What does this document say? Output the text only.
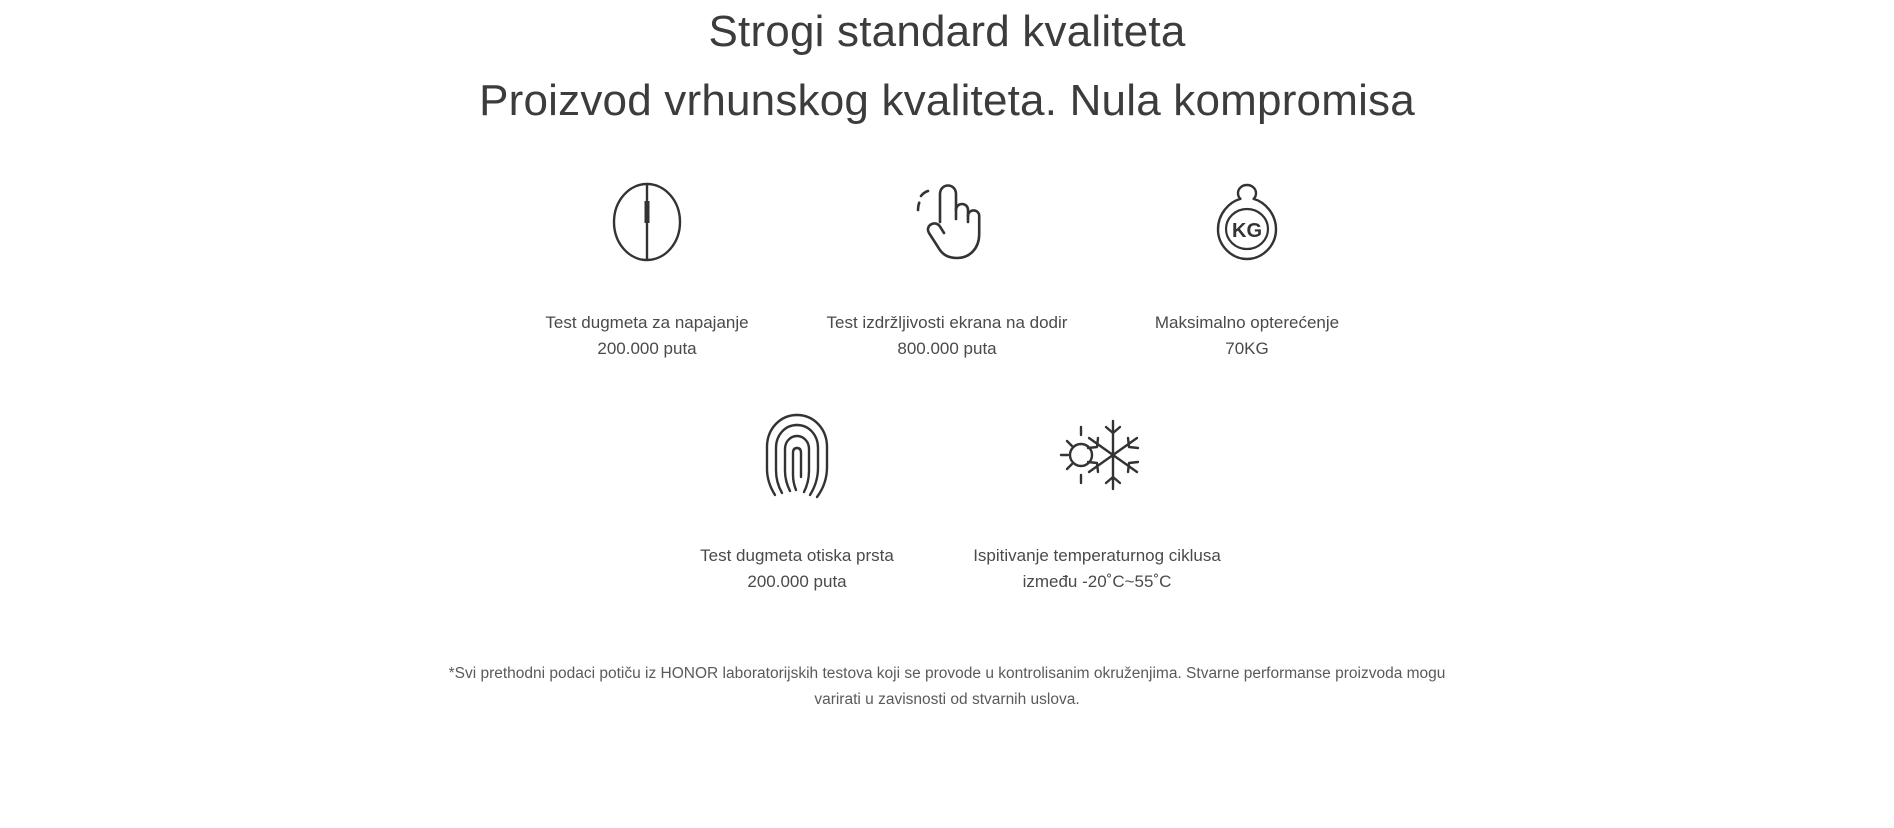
Strogi standard kvaliteta
Proizvod vrhunskog kvaliteta. Nula kompromisa
Test dugmeta za napajanje
200.000 puta
Test izdržljivosti ekrana na dodir
800.000 puta
KG
Maksimalno opterećenje
70KG
Test dugmeta otiska prsta
200.000 puta
Ispitivanje temperaturnog ciklusa
između -20˚C~55˚C
*Svi prethodni podaci potiču iz HONOR laboratorijskih testova koji se provode u kontrolisanim okruženjima. Stvarne performanse proizvoda mogu varirati u zavisnosti od stvarnih uslova.
